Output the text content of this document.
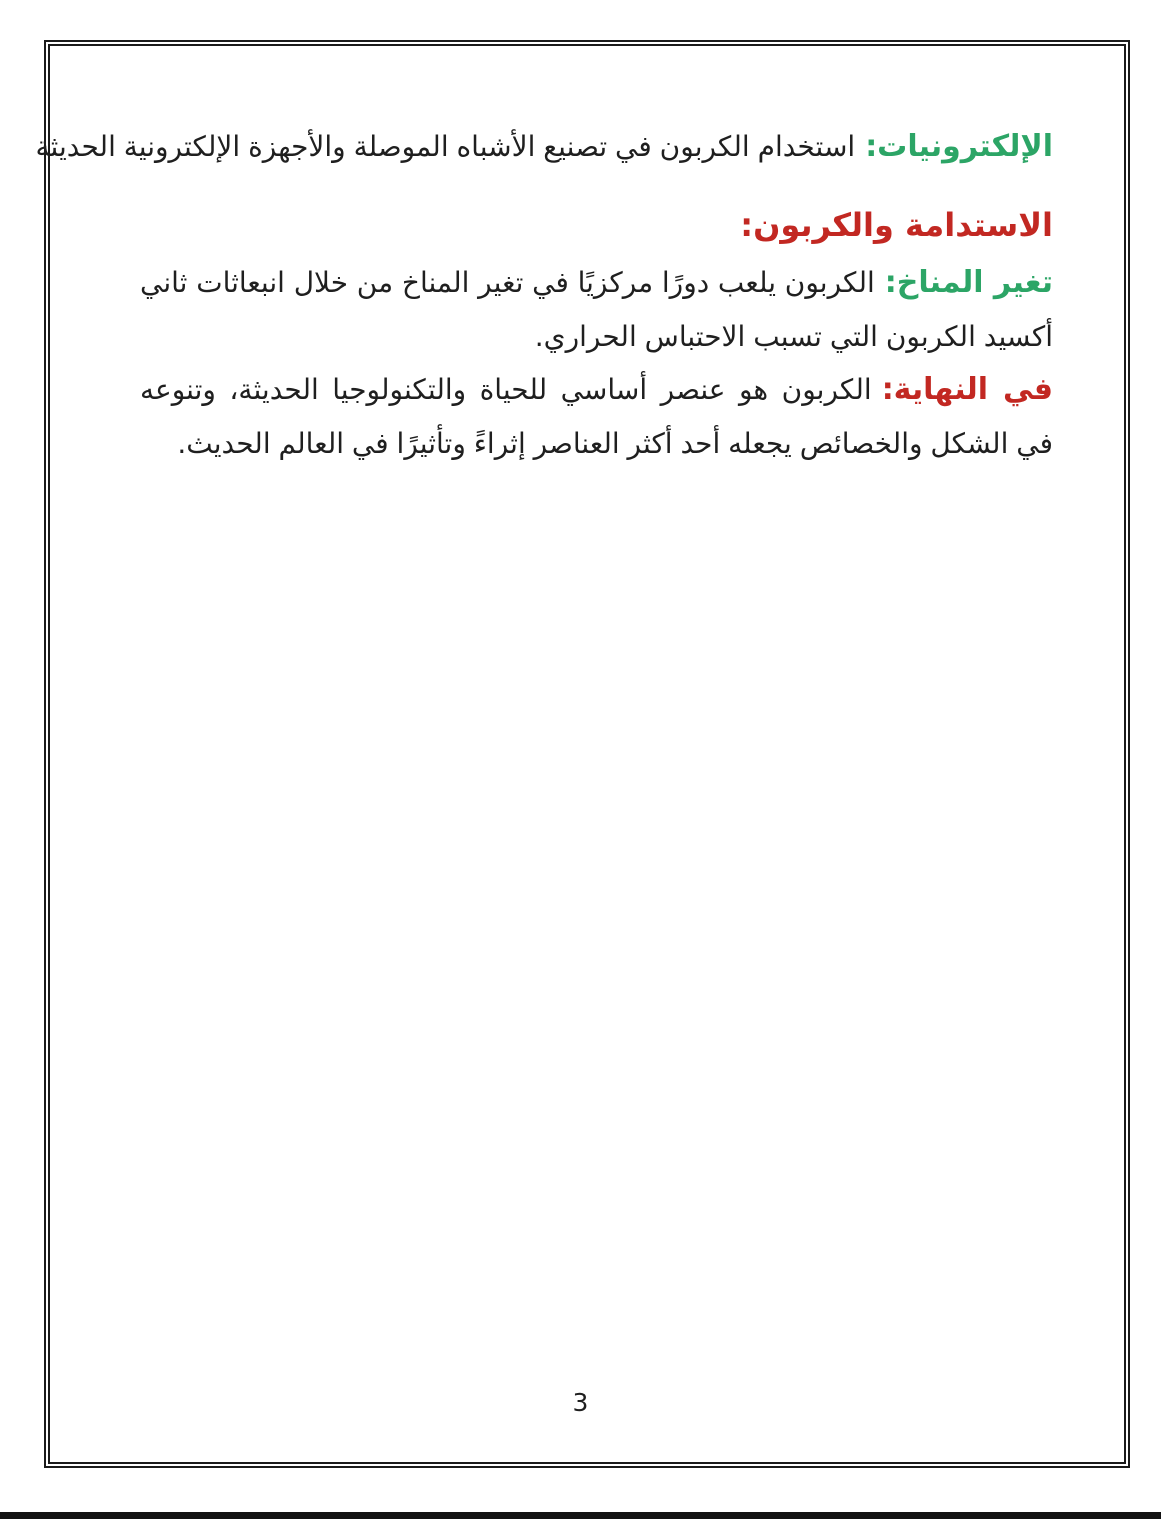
الإلكترونيات:استخدام الكربون في تصنيع الأشباه الموصلة والأجهزة الإلكترونية الحديثة

الاستدامة والكربون:

تغير المناخ:الكربون يلعب دورًا مركزيًا في تغير المناخ من خلال انبعاثات ثاني أكسيد الكربون التي تسبب الاحتباس الحراري.

في النهاية:الكربون هو عنصر أساسي للحياة والتكنولوجيا الحديثة، وتنوعه في الشكل والخصائص يجعله أحد أكثر العناصر إثراءً وتأثيرًا في العالم الحديث.

3
